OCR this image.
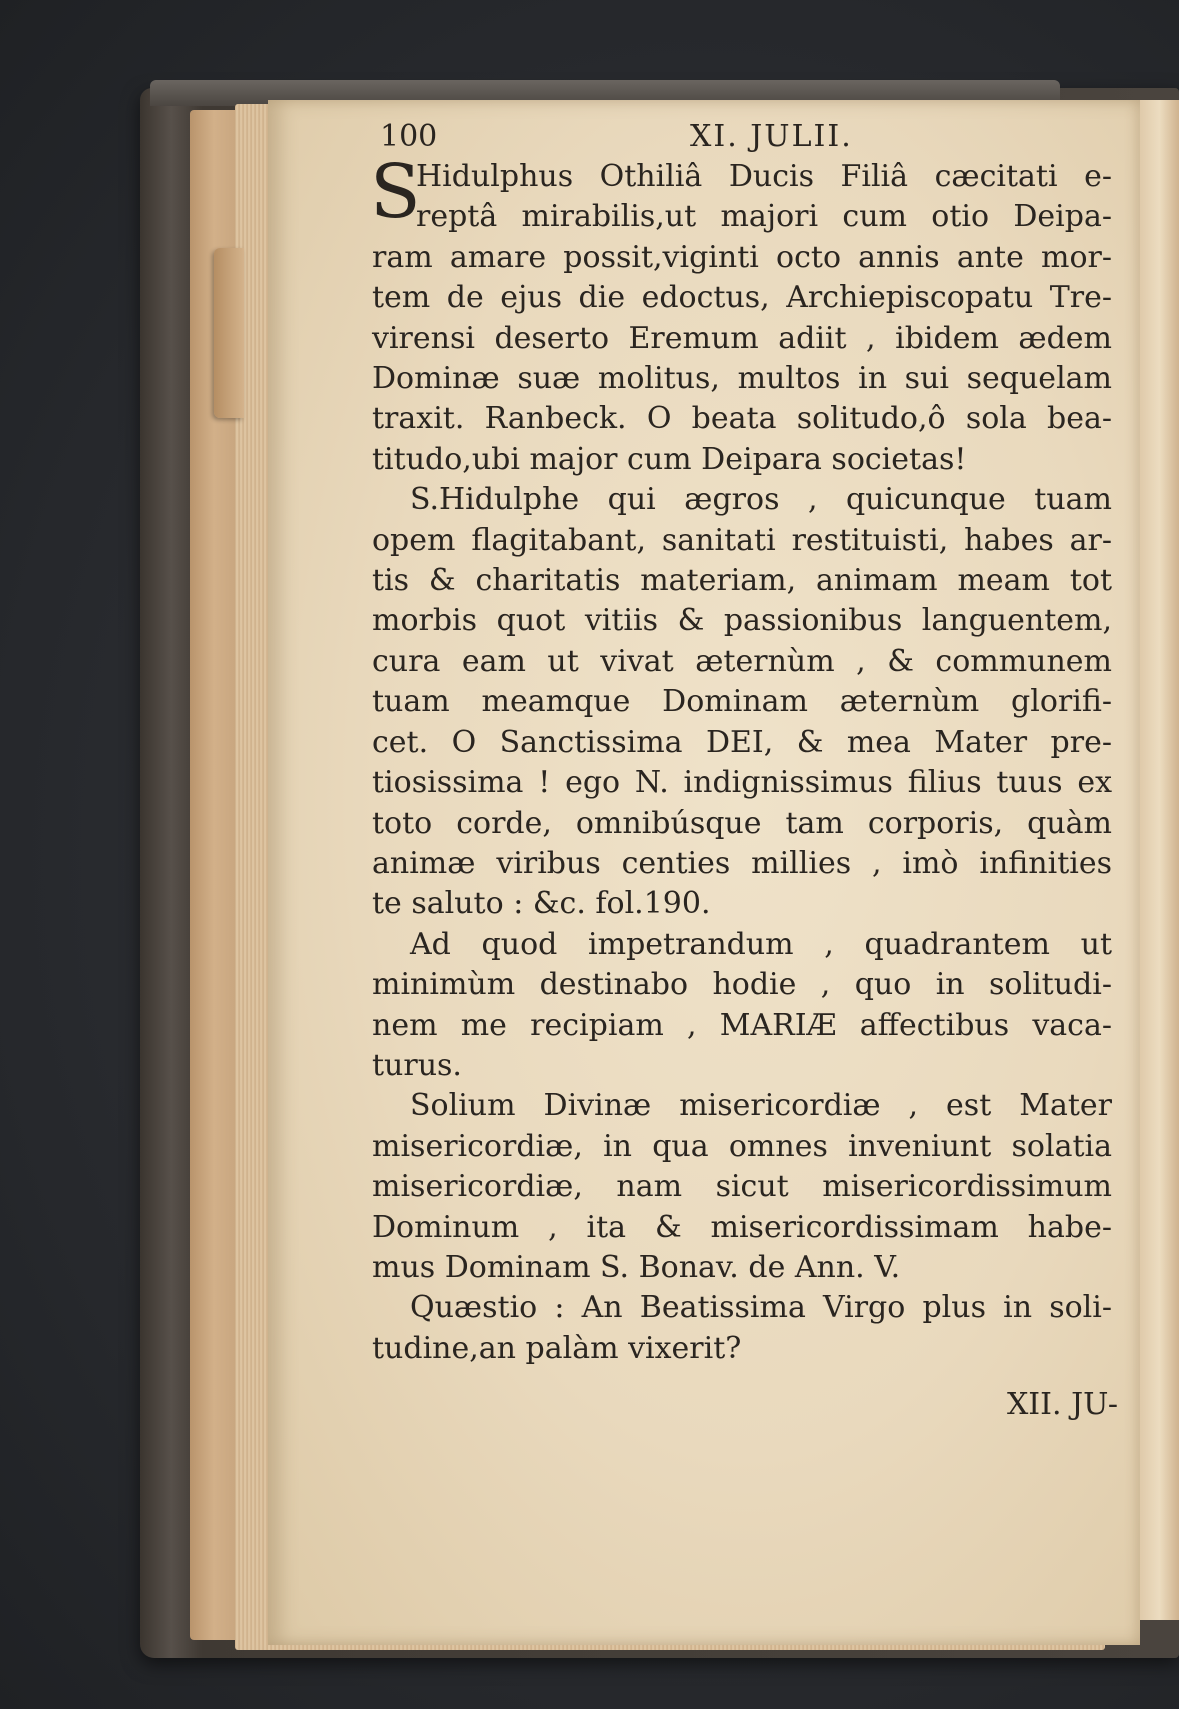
100	XI. JULII.
S

Hidulphus Othiliâ Ducis Filiâ cæcitati e-
reptâ mirabilis,ut majori cum otio Deipa-
ram amare possit,viginti octo annis ante mor-
tem de ejus die edoctus, Archiepiscopatu Tre-
virensi deserto Eremum adiit , ibidem ædem
Dominæ suæ molitus, multos in sui sequelam
traxit. Ranbeck. O beata solitudo,ô sola bea-
titudo,ubi major cum Deipara societas!

S.Hidulphe qui ægros , quicunque tuam
opem flagitabant, sanitati restituisti, habes ar-
tis & charitatis materiam, animam meam tot
morbis quot vitiis & passionibus languentem,
cura eam ut vivat æternùm , & communem
tuam meamque Dominam æternùm glorifi-
cet. O Sanctissima DEI, & mea Mater pre-
tiosissima ! ego N. indignissimus filius tuus ex
toto corde, omnibúsque tam corporis, quàm
animæ viribus centies millies , imò infinities
te saluto : &c. fol.190.

Ad quod impetrandum , quadrantem ut
minimùm destinabo hodie , quo in solitudi-
nem me recipiam , MARIÆ affectibus vaca-
turus.

Solium Divinæ misericordiæ , est Mater
misericordiæ, in qua omnes inveniunt solatia
misericordiæ, nam sicut misericordissimum
Dominum , ita & misericordissimam habe-
mus Dominam S. Bonav. de Ann. V.

Quæstio : An Beatissima Virgo plus in soli-
tudine,an palàm vixerit?

XII. JU-
